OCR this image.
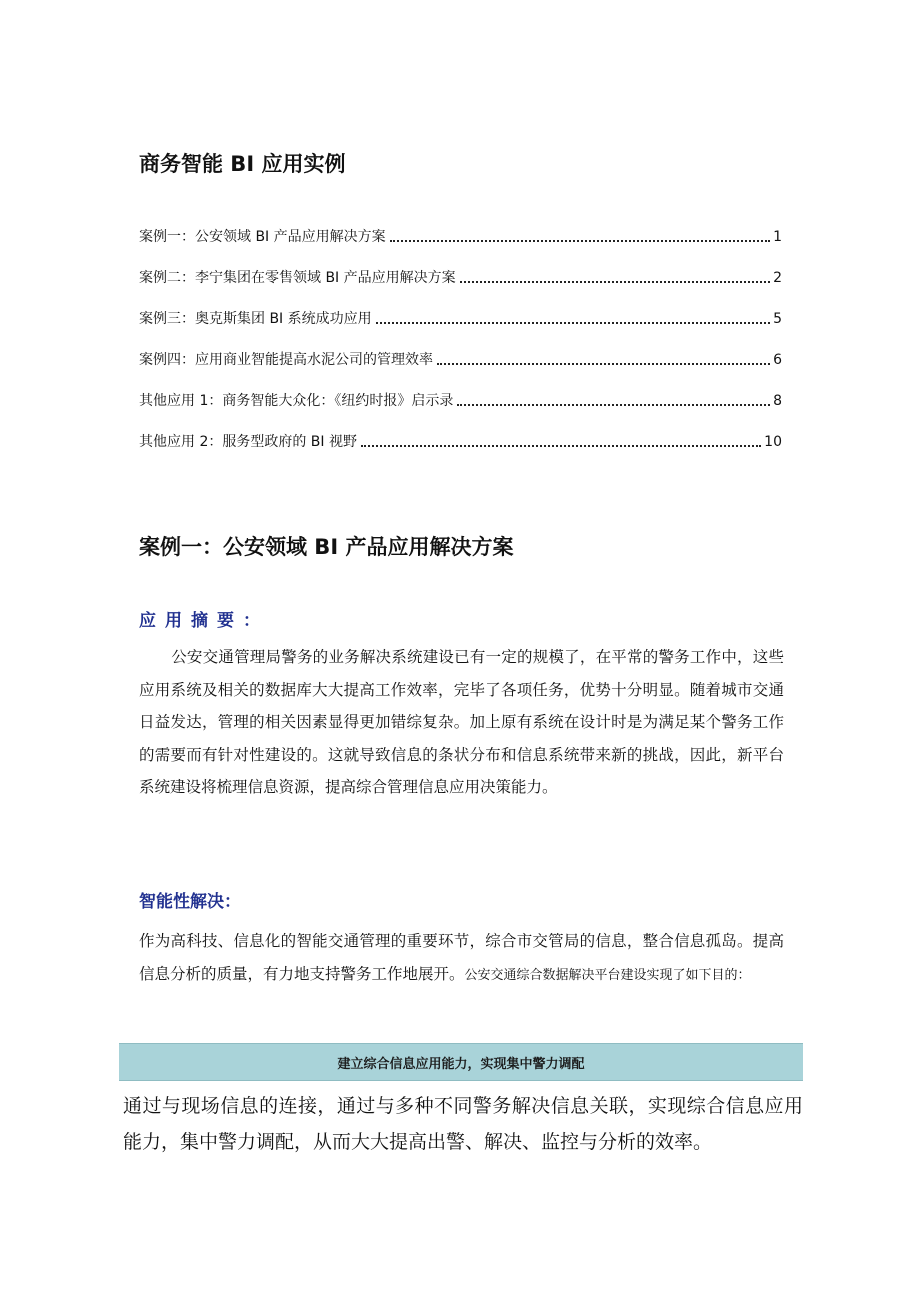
商务智能 BI 应用实例
案例一：公安领域 BI 产品应用解决方案	1
案例二：李宁集团在零售领域 BI 产品应用解决方案	2
案例三：奥克斯集团 BI 系统成功应用	5
案例四：应用商业智能提高水泥公司的管理效率	6
其他应用 1：商务智能大众化：《纽约时报》启示录	8
其他应用 2：服务型政府的 BI 视野	10
案例一：公安领域 BI 产品应用解决方案
应用摘要：
公安交通管理局警务的业务解决系统建设已有一定的规模了，在平常的警务工作中，这些应用系统及相关的数据库大大提高工作效率，完毕了各项任务，优势十分明显。随着城市交通日益发达，管理的相关因素显得更加错综复杂。加上原有系统在设计时是为满足某个警务工作的需要而有针对性建设的。这就导致信息的条状分布和信息系统带来新的挑战，因此，新平台系统建设将梳理信息资源，提高综合管理信息应用决策能力。
智能性解决：
作为高科技、信息化的智能交通管理的重要环节，综合市交管局的信息，整合信息孤岛。提高信息分析的质量，有力地支持警务工作地展开。公安交通综合数据解决平台建设实现了如下目的：
建立综合信息应用能力，实现集中警力调配
通过与现场信息的连接，通过与多种不同警务解决信息关联，实现综合信息应用能力，集中警力调配，从而大大提高出警、解决、监控与分析的效率。
